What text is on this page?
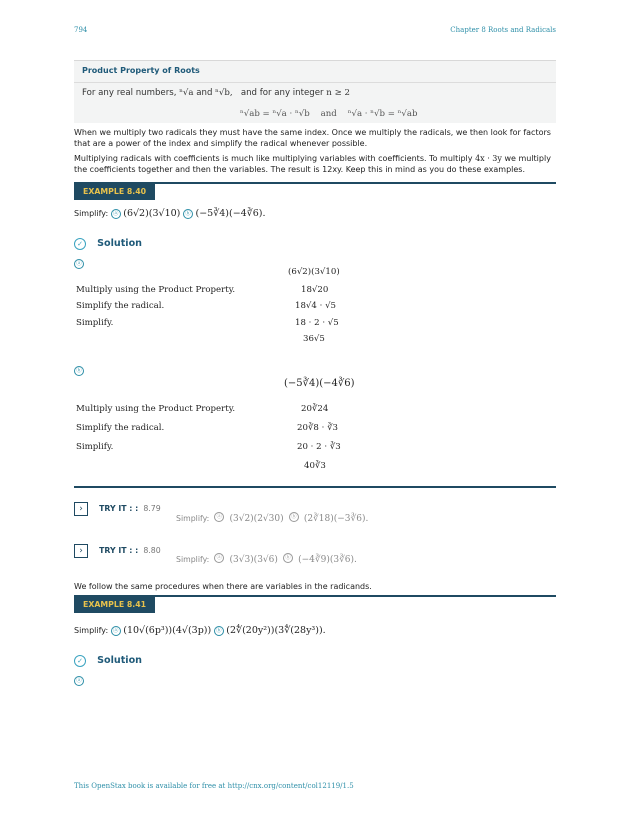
794	Chapter 8 Roots and Radicals
Product Property of Roots
For any real numbers, ⁿ√a and ⁿ√b, and for any integer n ≥ 2
ⁿ√ab = ⁿ√a · ⁿ√b and ⁿ√a · ⁿ√b = ⁿ√ab
When we multiply two radicals they must have the same index. Once we multiply the radicals, we then look for factors that are a power of the index and simplify the radical whenever possible.
Multiplying radicals with coefficients is much like multiplying variables with coefficients. To multiply 4x · 3y we multiply the coefficients together and then the variables. The result is 12xy. Keep this in mind as you do these examples.
EXAMPLE 8.40
Simplify: ⓐ (6√2)(3√10) ⓑ (−5∛4)(−4∛6).
✓ Solution
ⓐ
(6√2)(3√10)
Multiply using the Product Property.	18√20
Simplify the radical.	18√4 · √5
Simplify.	18 · 2 · √5
36√5
ⓑ
(−5∛4)(−4∛6)
Multiply using the Product Property.	20∛24
Simplify the radical.	20∛8 · ∛3
Simplify.	20 · 2 · ∛3
40∛3
› TRY IT : : 8.79
Simplify: ⓐ (3√2)(2√30) ⓑ (2∛18)(−3∛6).
› TRY IT : : 8.80
Simplify: ⓐ (3√3)(3√6) ⓑ (−4∛9)(3∛6).
We follow the same procedures when there are variables in the radicands.
EXAMPLE 8.41
Simplify: ⓐ (10√(6p³))(4√(3p)) ⓑ (2∜(20y²))(3∜(28y³)).
✓ Solution
ⓐ
This OpenStax book is available for free at http://cnx.org/content/col12119/1.5
